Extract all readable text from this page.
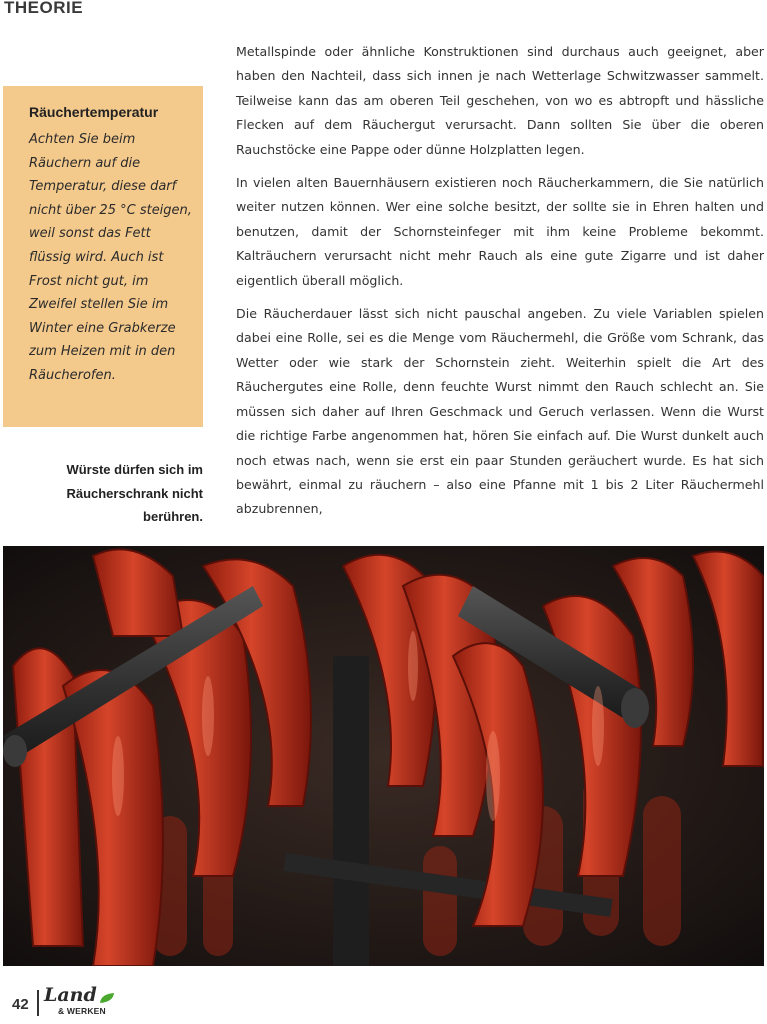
THEORIE

Räuchertemperatur

Achten Sie beim Räuchern auf die Temperatur, diese darf nicht über 25 °C steigen, weil sonst das Fett flüssig wird. Auch ist Frost nicht gut, im Zweifel stellen Sie im Winter eine Grabkerze zum Heizen mit in den Räucherofen.

Würste dürfen sich im Räucherschrank nicht berühren.

Metallspinde oder ähnliche Konstruktionen sind durchaus auch geeignet, aber haben den Nachteil, dass sich innen je nach Wetterlage Schwitzwasser sammelt. Teilweise kann das am oberen Teil geschehen, von wo es abtropft und hässliche Flecken auf dem Räuchergut verursacht. Dann sollten Sie über die oberen Rauchstöcke eine Pappe oder dünne Holzplatten legen.

In vielen alten Bauernhäusern existieren noch Räucherkammern, die Sie natürlich weiter nutzen können. Wer eine solche besitzt, der sollte sie in Ehren halten und benutzen, damit der Schornsteinfeger mit ihm keine Probleme bekommt. Kalträuchern verursacht nicht mehr Rauch als eine gute Zigarre und ist daher eigentlich überall möglich.

Die Räucherdauer lässt sich nicht pauschal angeben. Zu viele Variablen spielen dabei eine Rolle, sei es die Menge vom Räuchermehl, die Größe vom Schrank, das Wetter oder wie stark der Schornstein zieht. Weiterhin spielt die Art des Räuchergutes eine Rolle, denn feuchte Wurst nimmt den Rauch schlecht an. Sie müssen sich daher auf Ihren Geschmack und Geruch verlassen. Wenn die Wurst die richtige Farbe angenommen hat, hören Sie einfach auf. Die Wurst dunkelt auch noch etwas nach, wenn sie erst ein paar Stunden geräuchert wurde. Es hat sich bewährt, einmal zu räuchern – also eine Pfanne mit 1 bis 2 Liter Räuchermehl abzubrennen,

42 Land
& WERKEN
